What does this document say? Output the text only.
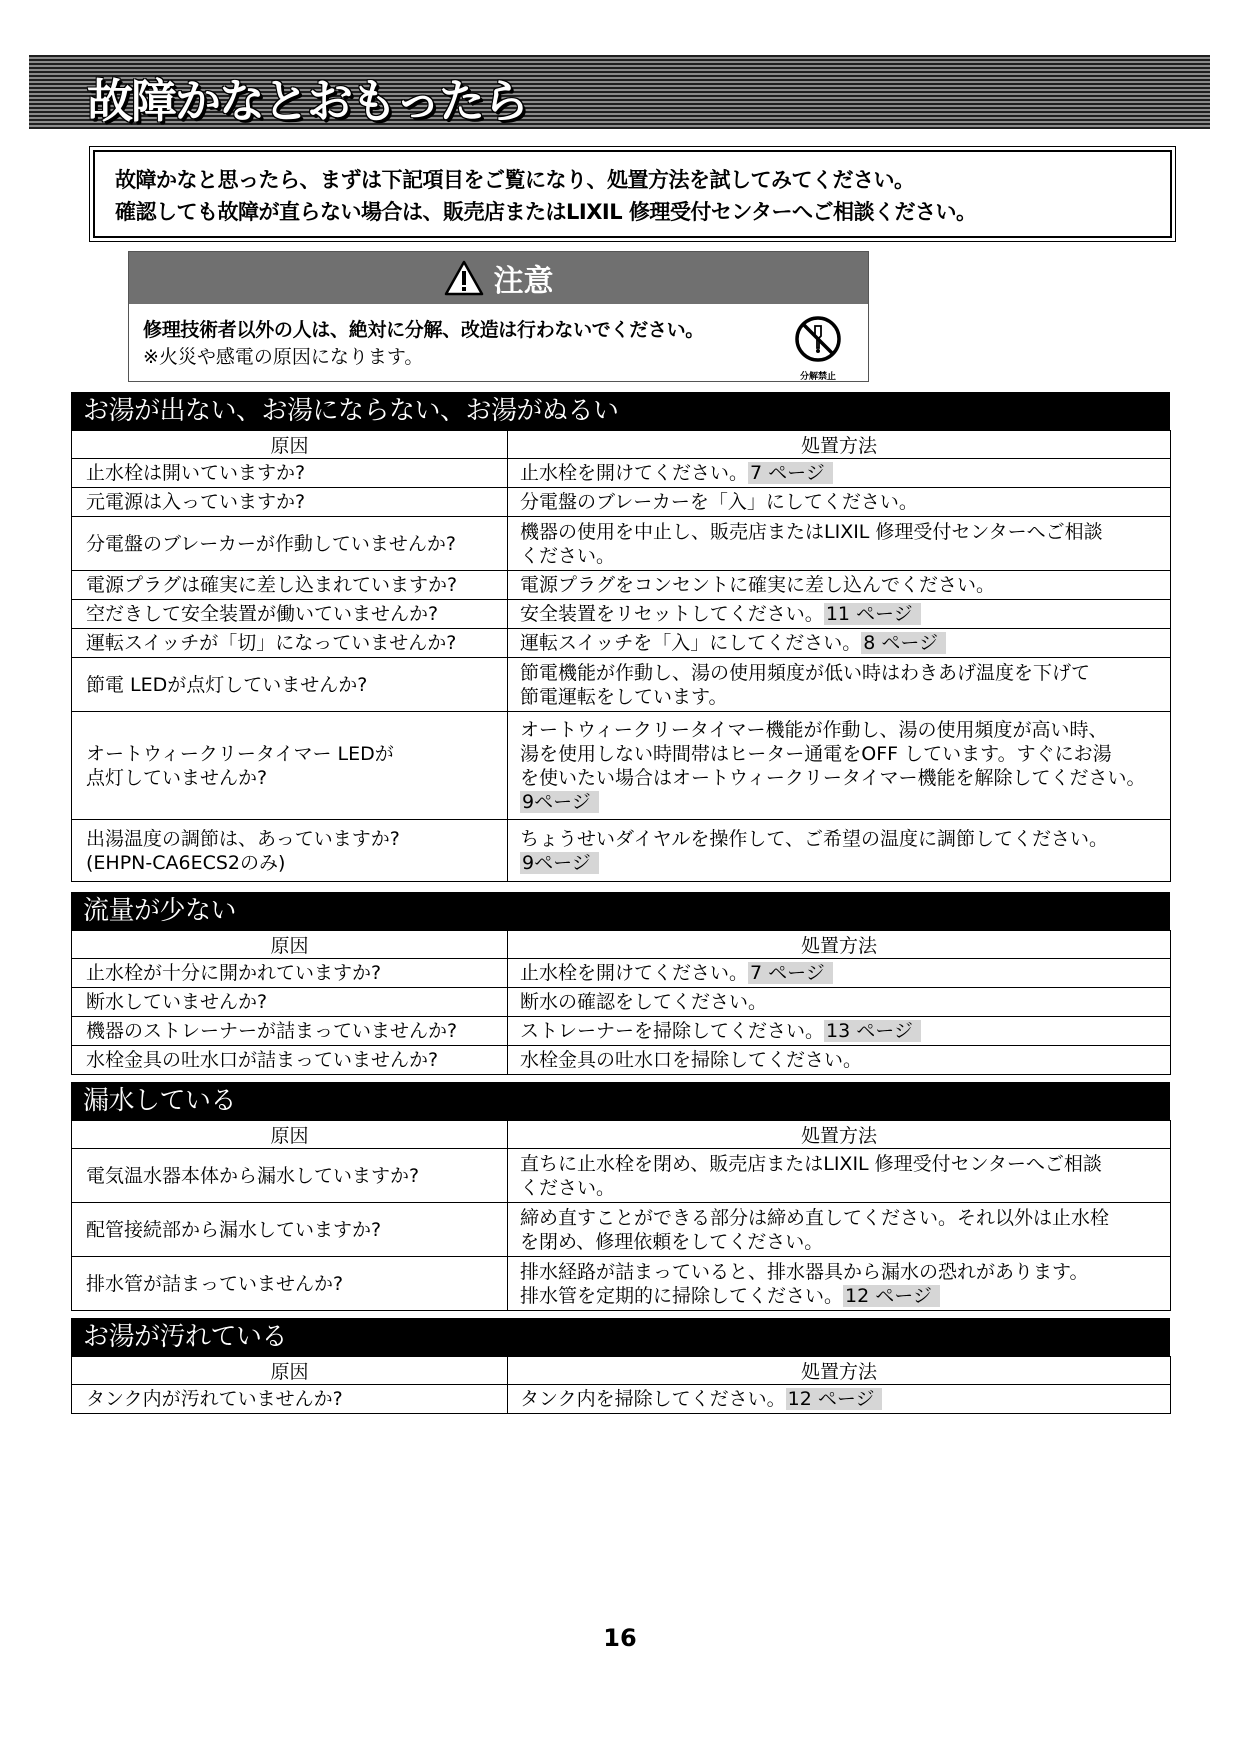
故障かなとおもったら
故障かなと思ったら、まずは下記項目をご覧になり、処置方法を試してみてください。
確認しても故障が直らない場合は、販売店またはLIXIL 修理受付センターへご相談ください。
注意
修理技術者以外の人は、絶対に分解、改造は行わないでください。
※火災や感電の原因になります。
分解禁止
お湯が出ない、お湯にならない、お湯がぬるい
原因	処置方法
止水栓は開いていますか?	止水栓を開けてください。 7 ページ
元電源は入っていますか?	分電盤のブレーカーを「入」にしてください。
分電盤のブレーカーが作動していませんか?	機器の使用を中止し、販売店またはLIXIL 修理受付センターへご相談
ください。

電源プラグは確実に差し込まれていますか?	電源プラグをコンセントに確実に差し込んでください。
空だきして安全装置が働いていませんか?	安全装置をリセットしてください。 11 ページ
運転スイッチが「切」になっていませんか?	運転スイッチを「入」にしてください。 8 ページ
節電 LEDが点灯していませんか?	節電機能が作動し、湯の使用頻度が低い時はわきあげ温度を下げて
節電運転をしています。

オートウィークリータイマー LEDが
点灯していませんか?	オートウィークリータイマー機能が作動し、湯の使用頻度が高い時、
湯を使用しない時間帯はヒーター通電をOFF しています。すぐにお湯
を使いたい場合はオートウィークリータイマー機能を解除してください。
9ページ

出湯温度の調節は、あっていますか?
(EHPN-CA6ECS2のみ)	ちょうせいダイヤルを操作して、ご希望の温度に調節してください。
9ページ
流量が少ない
原因	処置方法
止水栓が十分に開かれていますか?	止水栓を開けてください。 7 ページ
断水していませんか?	断水の確認をしてください。
機器のストレーナーが詰まっていませんか?	ストレーナーを掃除してください。 13 ページ
水栓金具の吐水口が詰まっていませんか?	水栓金具の吐水口を掃除してください。
漏水している
原因	処置方法
電気温水器本体から漏水していますか?	直ちに止水栓を閉め、販売店またはLIXIL 修理受付センターへご相談
ください。

配管接続部から漏水していますか?	締め直すことができる部分は締め直してください。それ以外は止水栓
を閉め、修理依頼をしてください。

排水管が詰まっていませんか?	排水経路が詰まっていると、排水器具から漏水の恐れがあります。
排水管を定期的に掃除してください。 12 ページ
お湯が汚れている
原因	処置方法
タンク内が汚れていませんか?	タンク内を掃除してください。 12 ページ
16
